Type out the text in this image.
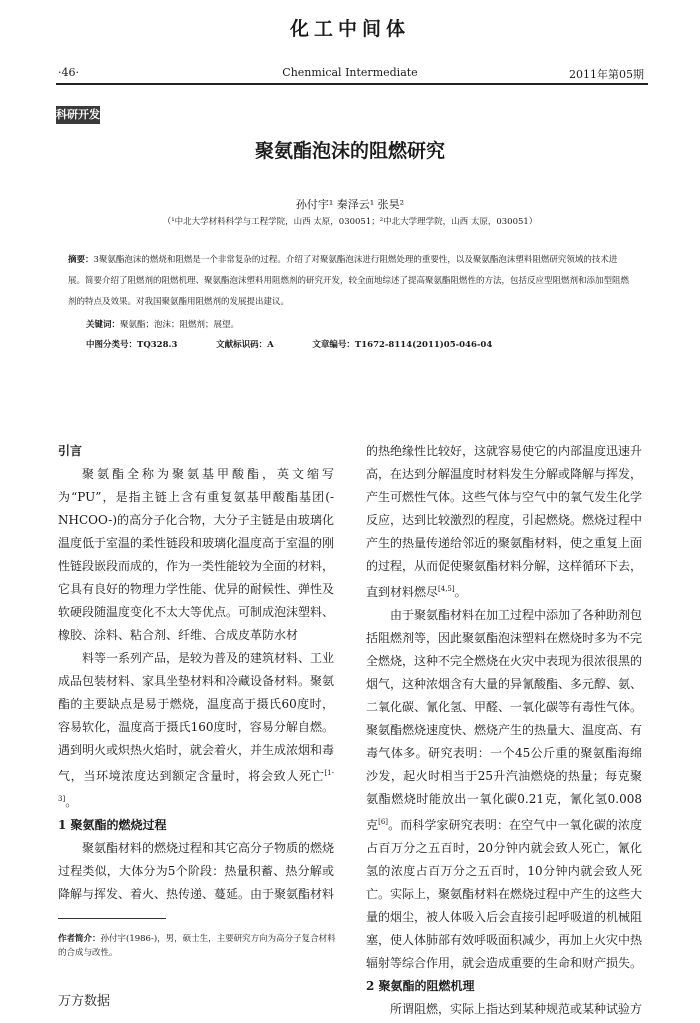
化工中间体
·46·	Chenmical Intermediate	2011年第05期
科研开发
聚氨酯泡沫的阻燃研究
孙付宇¹ 秦泽云¹ 张昊²
（¹中北大学材料科学与工程学院，山西 太原，030051；²中北大学理学院，山西 太原，030051）
摘要：3聚氨酯泡沫的燃烧和阻燃是一个非常复杂的过程。介绍了对聚氨酯泡沫进行阻燃处理的重要性，以及聚氨酯泡沫塑料阻燃研究领域的技术进展。简要介绍了阻燃剂的阻燃机理、聚氨酯泡沫塑料用阻燃剂的研究开发，较全面地综述了提高聚氨酯阻燃性的方法，包括反应型阻燃剂和添加型阻燃剂的特点及效果。对我国聚氨酯用阻燃剂的发展提出建议。
关键词：聚氨酯；泡沫；阻燃剂；展望。
中图分类号：TQ328.3	文献标识码：A	文章编号：T1672-8114(2011)05-046-04
引言

聚氨酯全称为聚氨基甲酸酯，英文缩写为“PU”，是指主链上含有重复氨基甲酸酯基团(-NHCOO-)的高分子化合物，大分子主链是由玻璃化温度低于室温的柔性链段和玻璃化温度高于室温的刚性链段嵌段而成的，作为一类性能较为全面的材料，它具有良好的物理力学性能、优异的耐候性、弹性及软硬段随温度变化不太大等优点。可制成泡沫塑料、橡胶、涂料、粘合剂、纤维、合成皮革防水材

料等一系列产品，是较为普及的建筑材料、工业成品包装材料、家具坐垫材料和冷藏设备材料。聚氨酯的主要缺点是易于燃烧，温度高于摄氏60度时，容易软化，温度高于摄氏160度时，容易分解自燃。遇到明火或炽热火焰时，就会着火，并生成浓烟和毒气，当环境浓度达到额定含量时，将会致人死亡[1-3]。

1 聚氨酯的燃烧过程

聚氨酯材料的燃烧过程和其它高分子物质的燃烧过程类似，大体分为5个阶段：热量积蓄、热分解或降解与挥发、着火、热传递、蔓延。由于聚氨酯材料

的热绝缘性比较好，这就容易使它的内部温度迅速升高，在达到分解温度时材料发生分解或降解与挥发，产生可燃性气体。这些气体与空气中的氧气发生化学反应，达到比较激烈的程度，引起燃烧。燃烧过程中产生的热量传递给邻近的聚氨酯材料，使之重复上面的过程，从而促使聚氨酯材料分解，这样循环下去，直到材料燃尽[4,5]。

由于聚氨酯材料在加工过程中添加了各种助剂包括阻燃剂等，因此聚氨酯泡沫塑料在燃烧时多为不完全燃烧，这种不完全燃烧在火灾中表现为很浓很黑的烟气，这种浓烟含有大量的异氰酸酯、多元醇、氨、二氧化碳、氰化氢、甲醛、一氧化碳等有毒性气体。聚氨酯燃烧速度快、燃烧产生的热量大、温度高、有毒气体多。研究表明：一个45公斤重的聚氨酯海绵沙发，起火时相当于25升汽油燃烧的热量；每克聚氨酯燃烧时能放出一氧化碳0.21克，氰化氢0.008克[6]。而科学家研究表明：在空气中一氧化碳的浓度占百万分之五百时，20分钟内就会致人死亡，氰化氢的浓度占百万分之五百时，10分钟内就会致人死亡。实际上，聚氨酯材料在燃烧过程中产生的这些大量的烟尘，被人体吸入后会直接引起呼吸道的机械阻塞，使人体肺部有效呼吸面积减少，再加上火灾中热辐射等综合作用，就会造成重要的生命和财产损失。

2 聚氨酯的阻燃机理

所谓阻燃，实际上指达到某种规范或某种试验方

作者简介：孙付宇(1986-)，男，硕士生，主要研究方向为高分子复合材料的合成与改性。
万方数据
